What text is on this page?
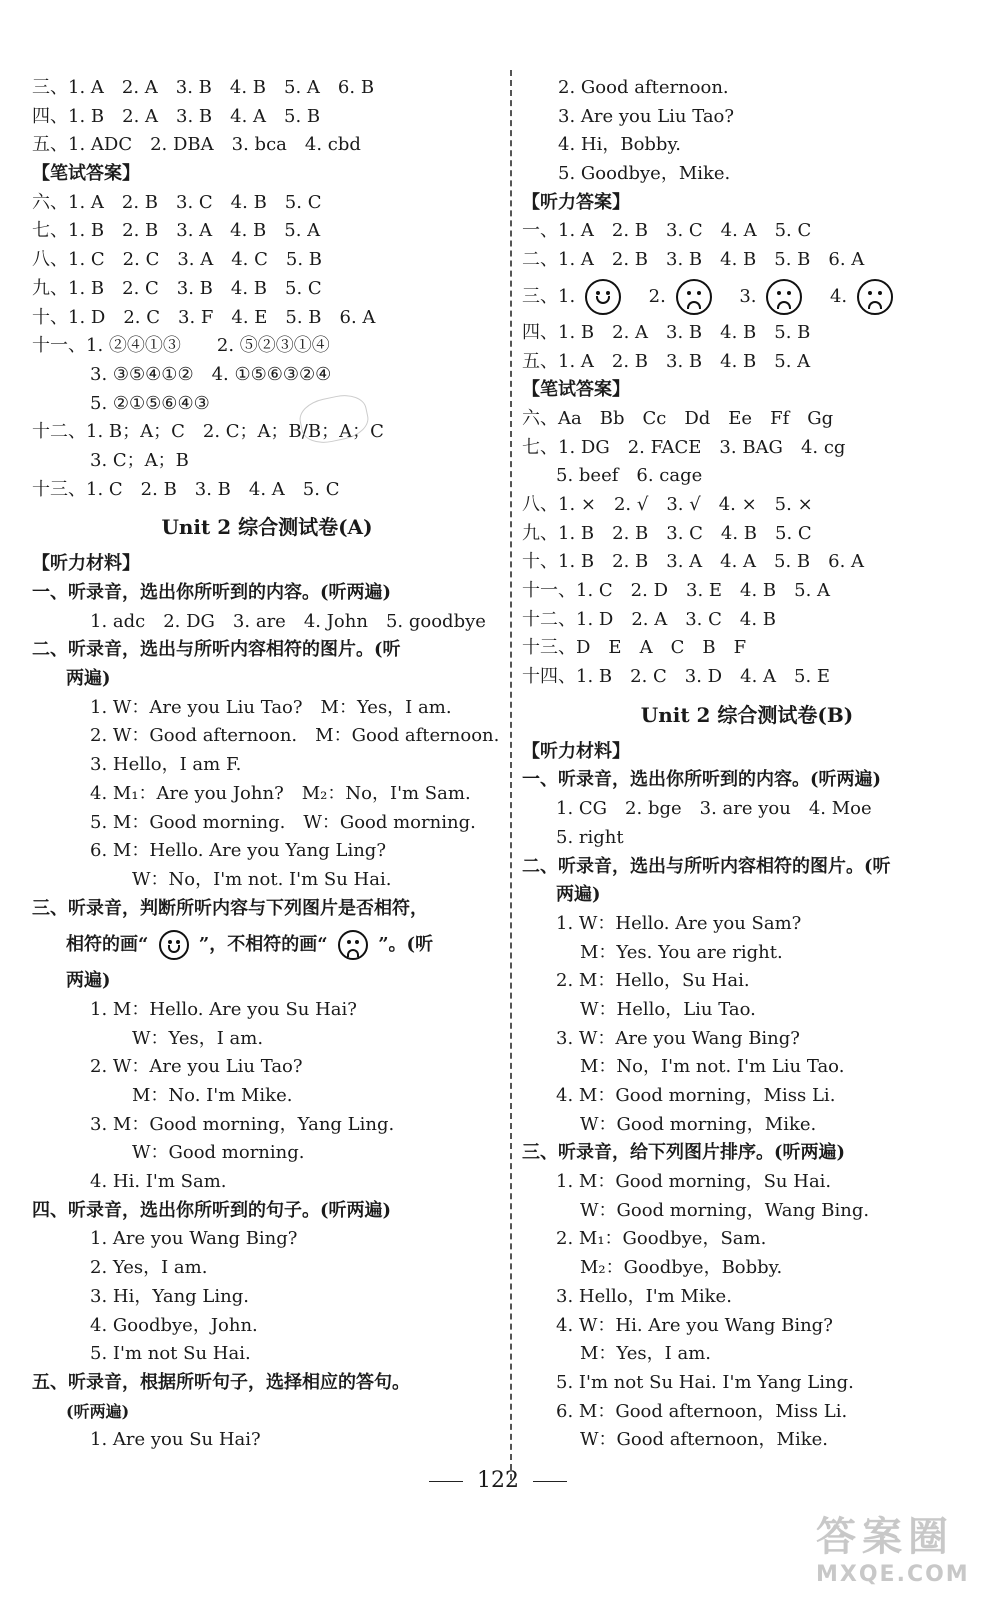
三、1. A　2. A　3. B　4. B　5. A　6. B
四、1. B　2. A　3. B　4. A　5. B
五、1. ADC　2. DBA　3. bca　4. cbd
【笔试答案】
六、1. A　2. B　3. C　4. B　5. C
七、1. B　2. B　3. A　4. B　5. A
八、1. C　2. C　3. A　4. C　5. B
九、1. B　2. C　3. B　4. B　5. C
十、1. D　2. C　3. F　4. E　5. B　6. A
十一、1. ②④①③　　2. ⑤②③①④
3. ③⑤④①②　4. ①⑤⑥③②④
5. ②①⑤⑥④③
十二、1. B；A；C　2. C；A；B/B；A；C
3. C；A；B
十三、1. C　2. B　3. B　4. A　5. C
Unit 2 综合测试卷(A)
【听力材料】
一、听录音，选出你所听到的内容。(听两遍)
1. adc　2. DG　3. are　4. John　5. goodbye
二、听录音，选出与所听内容相符的图片。(听
两遍)
1. W：Are you Liu Tao?　M：Yes，I am.
2. W：Good afternoon.　M：Good afternoon.
3. Hello，I am F.
4. M₁：Are you John?　M₂：No，I'm Sam.
5. M：Good morning.　W：Good morning.
6. M：Hello. Are you Yang Ling?
W：No，I'm not. I'm Su Hai.
三、听录音，判断所听内容与下列图片是否相符，
相符的画“	”，不相符的画“	”。(听
两遍)
1. M：Hello. Are you Su Hai?
W：Yes，I am.
2. W：Are you Liu Tao?
M：No. I'm Mike.
3. M：Good morning，Yang Ling.
W：Good morning.
4. Hi. I'm Sam.
四、听录音，选出你所听到的句子。(听两遍)
1. Are you Wang Bing?
2. Yes，I am.
3. Hi，Yang Ling.
4. Goodbye，John.
5. I'm not Su Hai.
五、听录音，根据所听句子，选择相应的答句。
(听两遍)
1. Are you Su Hai?
2. Good afternoon.
3. Are you Liu Tao?
4. Hi，Bobby.
5. Goodbye，Mike.
【听力答案】
一、1. A　2. B　3. C　4. A　5. C
二、1. A　2. B　3. B　4. B　5. B　6. A
三、1.	2.	3.	4.
四、1. B　2. A　3. B　4. B　5. B
五、1. A　2. B　3. B　4. B　5. A
【笔试答案】
六、Aa　Bb　Cc　Dd　Ee　Ff　Gg
七、1. DG　2. FACE　3. BAG　4. cg
5. beef　6. cage
八、1. ×　2. √　3. √　4. ×　5. ×
九、1. B　2. B　3. C　4. B　5. C
十、1. B　2. B　3. A　4. A　5. B　6. A
十一、1. C　2. D　3. E　4. B　5. A
十二、1. D　2. A　3. C　4. B
十三、D　E　A　C　B　F
十四、1. B　2. C　3. D　4. A　5. E
Unit 2 综合测试卷(B)
【听力材料】
一、听录音，选出你所听到的内容。(听两遍)
1. CG　2. bge　3. are you　4. Moe
5. right
二、听录音，选出与所听内容相符的图片。(听
两遍)
1. W：Hello. Are you Sam?
M：Yes. You are right.
2. M：Hello，Su Hai.
W：Hello，Liu Tao.
3. W：Are you Wang Bing?
M：No，I'm not. I'm Liu Tao.
4. M：Good morning，Miss Li.
W：Good morning，Mike.
三、听录音，给下列图片排序。(听两遍)
1. M：Good morning，Su Hai.
W：Good morning，Wang Bing.
2. M₁：Goodbye，Sam.
M₂：Goodbye，Bobby.
3. Hello，I'm Mike.
4. W：Hi. Are you Wang Bing?
M：Yes，I am.
5. I'm not Su Hai. I'm Yang Ling.
6. M：Good afternoon，Miss Li.
W：Good afternoon，Mike.
122
答案圈
MXQE.COM
